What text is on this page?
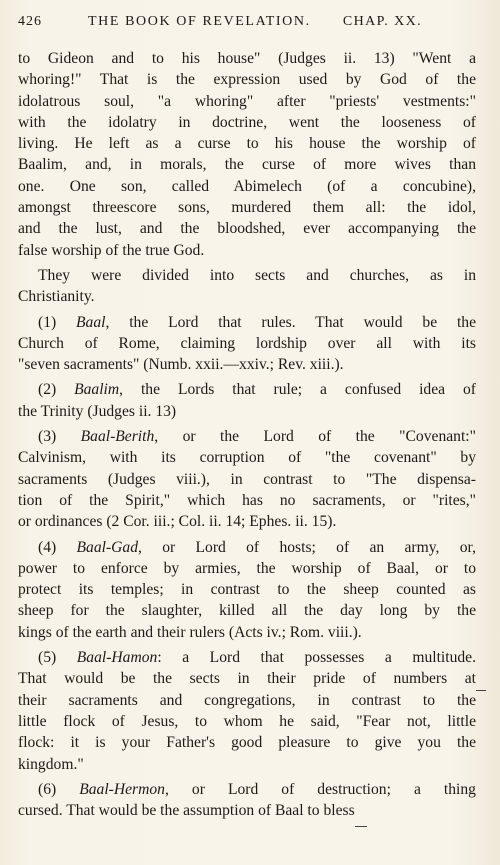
426	THE BOOK OF REVELATION. CHAP. XX.
to Gideon and to his house" (Judges ii. 13) "Went a
whoring!" That is the expression used by God of the
idolatrous soul, "a whoring" after "priests' vestments:"
with the idolatry in doctrine, went the looseness of
living. He left as a curse to his house the worship of
Baalim, and, in morals, the curse of more wives than
one. One son, called Abimelech (of a concubine),
amongst threescore sons, murdered them all: the idol,
and the lust, and the bloodshed, ever accompanying the
false worship of the true God.
They were divided into sects and churches, as in
Christianity.
(1) Baal, the Lord that rules. That would be the
Church of Rome, claiming lordship over all with its
"seven sacraments" (Numb. xxii.—xxiv.; Rev. xiii.).
(2) Baalim, the Lords that rule; a confused idea of
the Trinity (Judges ii. 13)
(3) Baal-Berith, or the Lord of the "Covenant:"
Calvinism, with its corruption of "the covenant" by
sacraments (Judges viii.), in contrast to "The dispensa-
tion of the Spirit," which has no sacraments, or "rites,"
or ordinances (2 Cor. iii.; Col. ii. 14; Ephes. ii. 15).
(4) Baal-Gad, or Lord of hosts; of an army, or,
power to enforce by armies, the worship of Baal, or to
protect its temples; in contrast to the sheep counted as
sheep for the slaughter, killed all the day long by the
kings of the earth and their rulers (Acts iv.; Rom. viii.).
(5) Baal-Hamon: a Lord that possesses a multitude.
That would be the sects in their pride of numbers at
their sacraments and congregations, in contrast to the
little flock of Jesus, to whom he said, "Fear not, little
flock: it is your Father's good pleasure to give you the
kingdom."
(6) Baal-Hermon, or Lord of destruction; a thing
cursed. That would be the assumption of Baal to bless
